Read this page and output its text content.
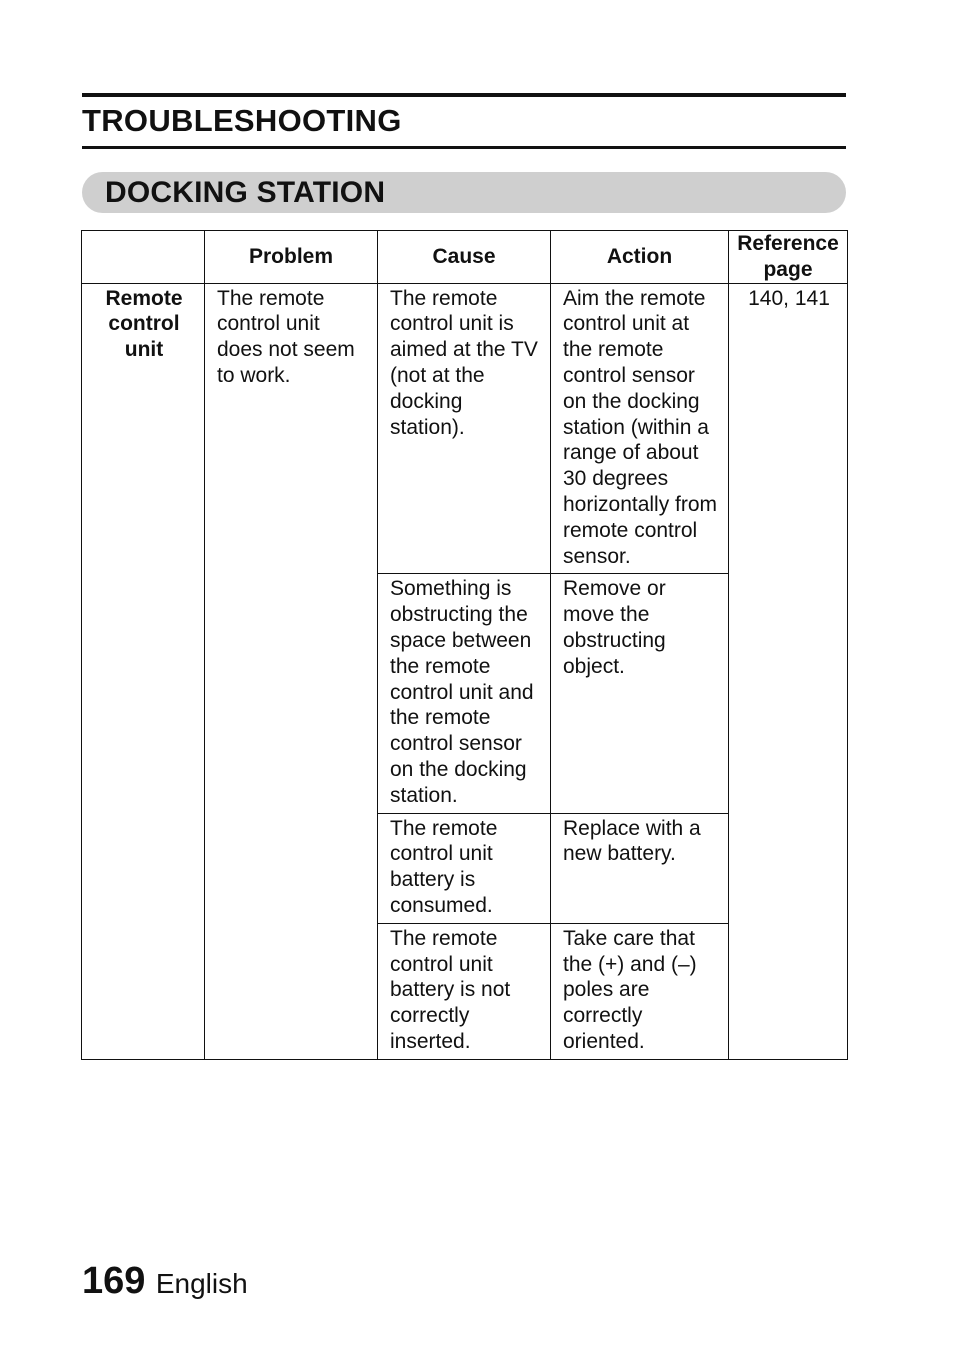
TROUBLESHOOTING
DOCKING STATION
	Problem	Cause	Action	Reference page
Remote control unit	The remote control unit does not seem to work.	The remote control unit is aimed at the TV (not at the docking station).	Aim the remote control unit at the remote control sensor on the docking station (within a range of about 30 degrees horizontally from remote control sensor.	140, 141
		Something is obstructing the space between the remote control unit and the remote control sensor on the docking station.	Remove or move the obstructing object.	
		The remote control unit battery is consumed.	Replace with a new battery.	
		The remote control unit battery is not correctly inserted.	Take care that the (+) and (–) poles are correctly oriented.	
169 English
